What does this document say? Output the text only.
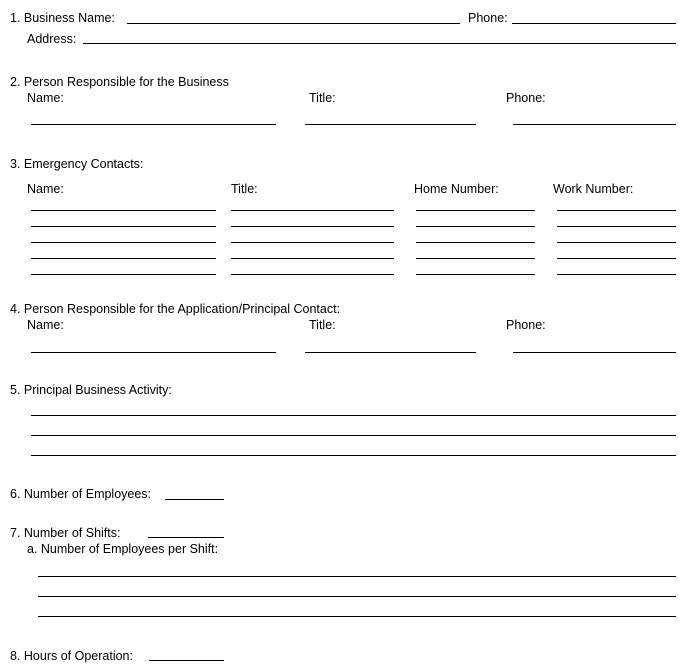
1. Business Name:	Phone:
Address:
2. Person Responsible for the Business
Name:	Title:	Phone:
3. Emergency Contacts:
Name:	Title:	Home Number:	Work Number:
4. Person Responsible for the Application/Principal Contact:
Name:	Title:	Phone:
5. Principal Business Activity:
6. Number of Employees:
7. Number of Shifts:
a. Number of Employees per Shift:
8. Hours of Operation:
